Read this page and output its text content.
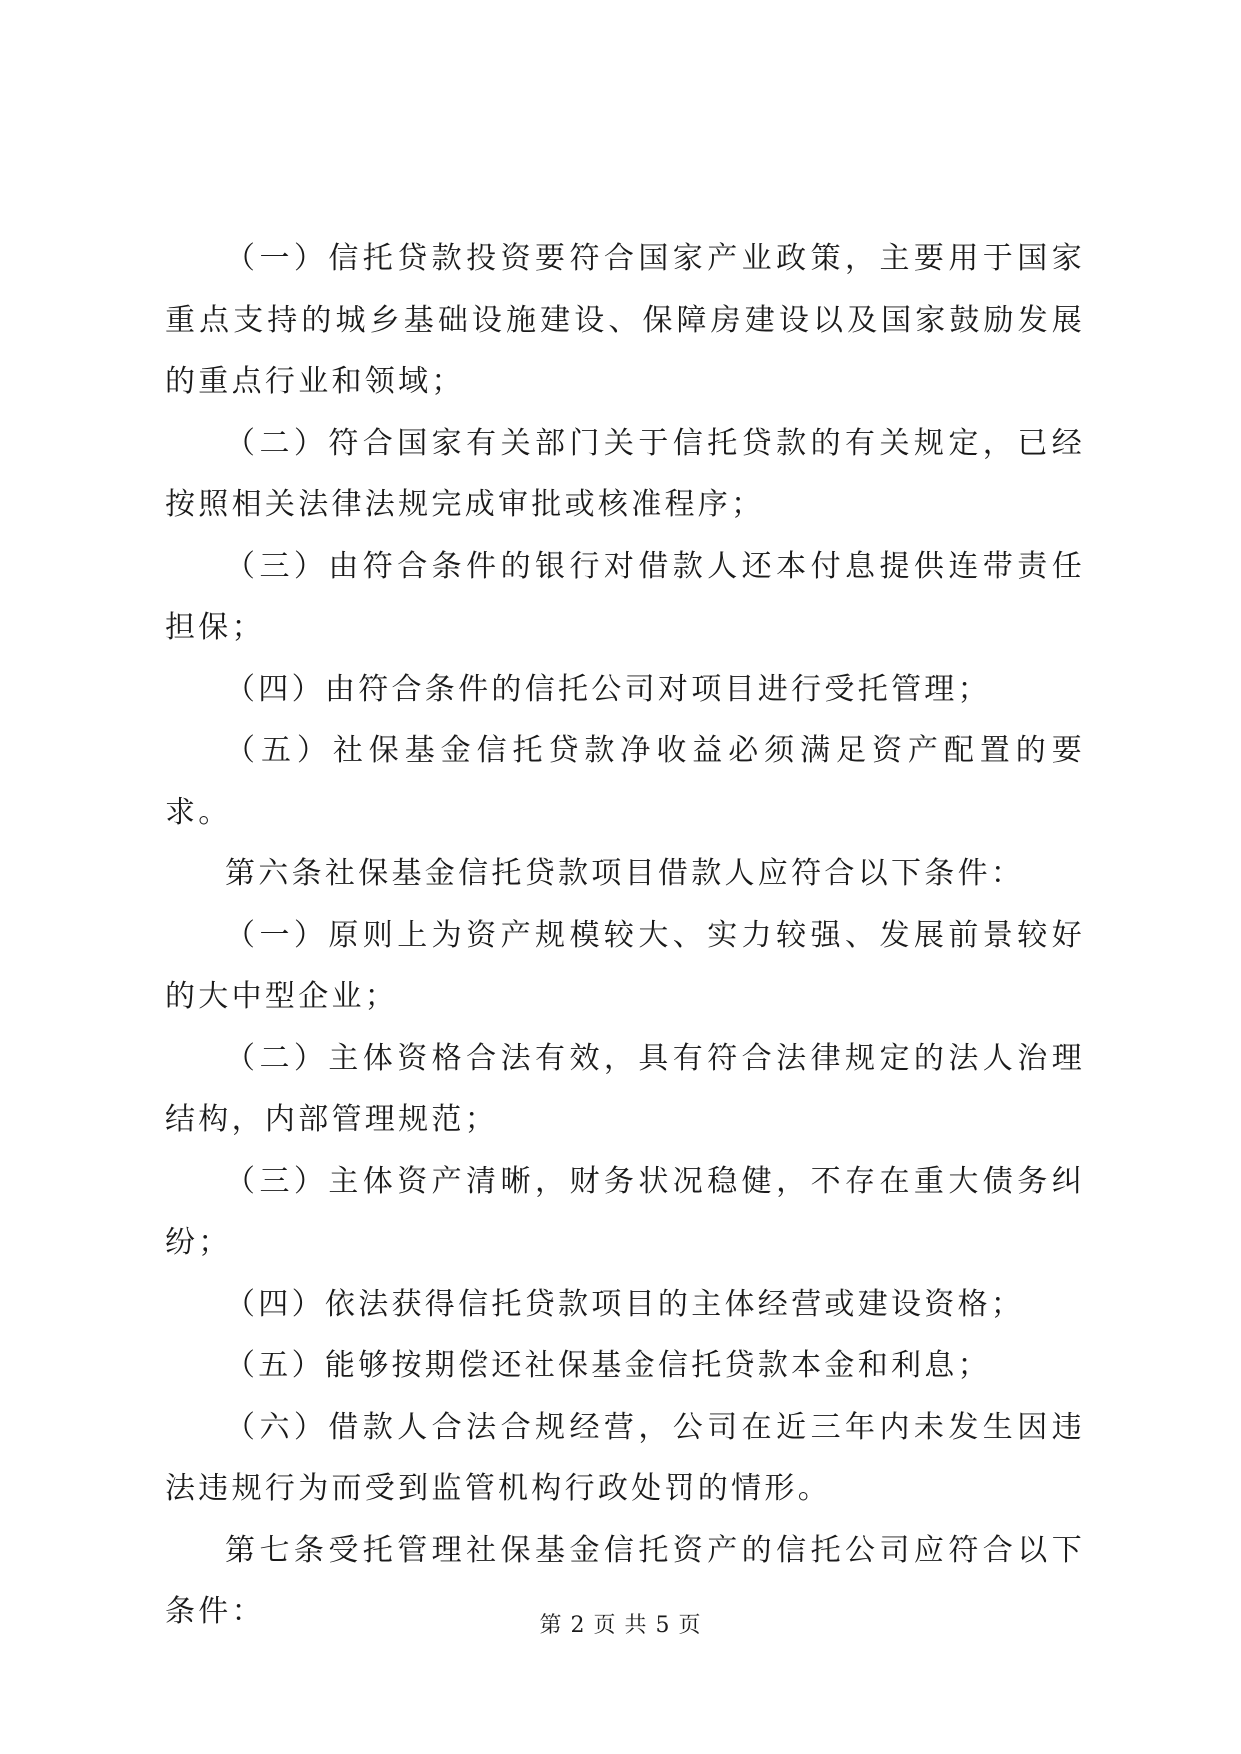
（一）信托贷款投资要符合国家产业政策，主要用于国家重点支持的城乡基础设施建设、保障房建设以及国家鼓励发展的重点行业和领域；

（二）符合国家有关部门关于信托贷款的有关规定，已经按照相关法律法规完成审批或核准程序；

（三）由符合条件的银行对借款人还本付息提供连带责任担保；

（四）由符合条件的信托公司对项目进行受托管理；

（五）社保基金信托贷款净收益必须满足资产配置的要求。

第六条社保基金信托贷款项目借款人应符合以下条件：

（一）原则上为资产规模较大、实力较强、发展前景较好的大中型企业；

（二）主体资格合法有效，具有符合法律规定的法人治理结构，内部管理规范；

（三）主体资产清晰，财务状况稳健，不存在重大债务纠纷；

（四）依法获得信托贷款项目的主体经营或建设资格；

（五）能够按期偿还社保基金信托贷款本金和利息；

（六）借款人合法合规经营，公司在近三年内未发生因违法违规行为而受到监管机构行政处罚的情形。

第七条受托管理社保基金信托资产的信托公司应符合以下条件：	第 2 页 共 5 页
